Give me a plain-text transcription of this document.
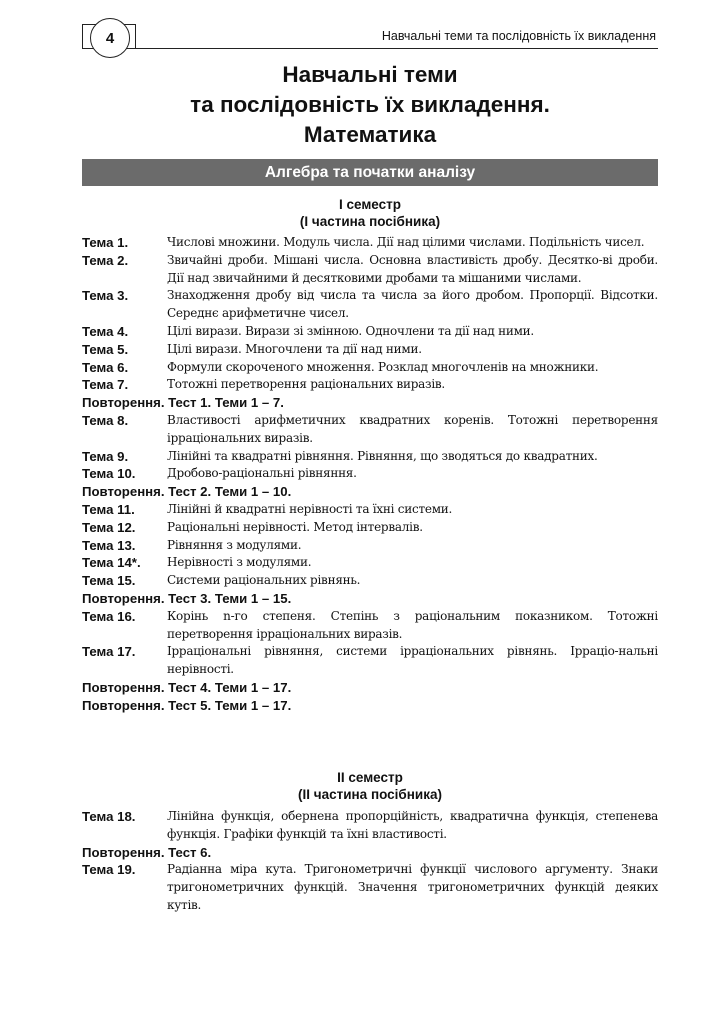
4	Навчальні теми та послідовність їх викладення
Навчальні теми
та послідовність їх викладення.
Математика
Алгебра та початки аналізу
І семестр
(І частина посібника)
Тема 1.	Числові множини. Модуль числа. Дії над цілими числами. Подільність чисел.
Тема 2.	Звичайні дроби. Мішані числа. Основна властивість дробу. Десятко-ві дроби. Дії над звичайними й десятковими дробами та мішаними числами.
Тема 3.	Знаходження дробу від числа та числа за його дробом. Пропорції. Відсотки. Середнє арифметичне чисел.
Тема 4.	Цілі вирази. Вирази зі змінною. Одночлени та дії над ними.
Тема 5.	Цілі вирази. Многочлени та дії над ними.
Тема 6.	Формули скороченого множення. Розклад многочленів на множники.
Тема 7.	Тотожні перетворення раціональних виразів.
Повторення. Тест 1. Теми 1 – 7.
Тема 8.	Властивості арифметичних квадратних коренів. Тотожні перетворення ірраціональних виразів.
Тема 9.	Лінійні та квадратні рівняння. Рівняння, що зводяться до квадратних.
Тема 10.	Дробово-раціональні рівняння.
Повторення. Тест 2. Теми 1 – 10.
Тема 11.	Лінійні й квадратні нерівності та їхні системи.
Тема 12.	Раціональні нерівності. Метод інтервалів.
Тема 13.	Рівняння з модулями.
Тема 14*.	Нерівності з модулями.
Тема 15.	Системи раціональних рівнянь.
Повторення. Тест 3. Теми 1 – 15.
Тема 16.	Корінь n-го степеня. Степінь з раціональним показником. Тотожні перетворення ірраціональних виразів.
Тема 17.	Ірраціональні рівняння, системи ірраціональних рівнянь. Ірраціо-нальні нерівності.
Повторення. Тест 4. Теми 1 – 17.
Повторення. Тест 5. Теми 1 – 17.
ІІ семестр
(ІІ частина посібника)
Тема 18.	Лінійна функція, обернена пропорційність, квадратична функція, степенева функція. Графіки функцій та їхні властивості.
Повторення. Тест 6.
Тема 19.	Радіанна міра кута. Тригонометричні функції числового аргументу. Знаки тригонометричних функцій. Значення тригонометричних функцій деяких кутів.
